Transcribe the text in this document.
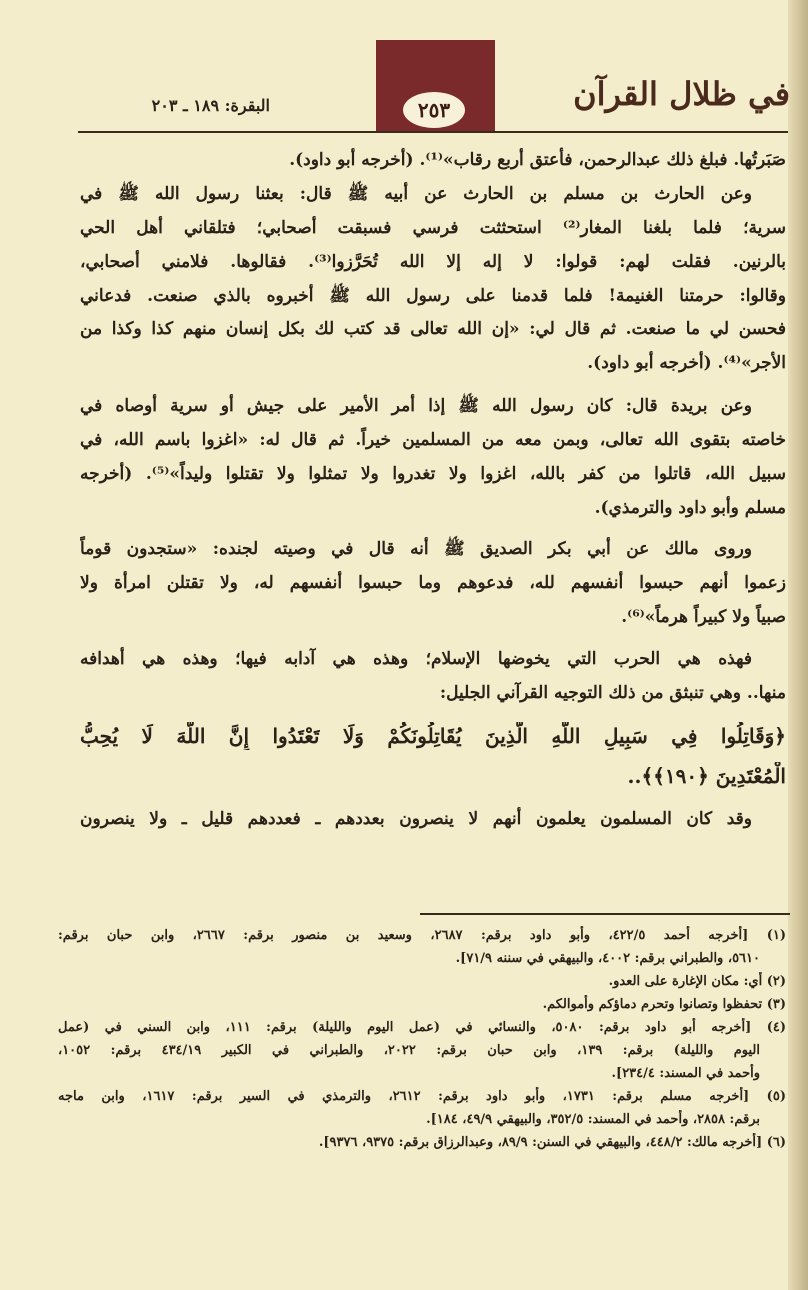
٢٥٣	في ظلال القرآن
البقرة: ١٨٩ ـ ٢٠٣
صَبَرتُها. فبلغ ذلك عبدالرحمن، فأعتق أربع رقاب»⁽¹⁾. (أخرجه أبو داود).
وعن الحارث بن مسلم بن الحارث عن أبيه ﷺ قال: بعثنا رسول الله ﷺ في
سرية؛ فلما بلغنا المغار⁽²⁾ استحثثت فرسي فسبقت أصحابي؛ فتلقاني أهل الحي
بالرنين. فقلت لهم: قولوا: لا إله إلا الله تُحَرَّزوا⁽³⁾. فقالوها. فلامني أصحابي،
وقالوا: حرمتنا الغنيمة! فلما قدمنا على رسول الله ﷺ أخبروه بالذي صنعت. فدعاني
فحسن لي ما صنعت. ثم قال لي: «إن الله تعالى قد كتب لك بكل إنسان منهم كذا وكذا من
الأجر»⁽⁴⁾. (أخرجه أبو داود).
وعن بريدة قال: كان رسول الله ﷺ إذا أمر الأمير على جيش أو سرية أوصاه في
خاصته بتقوى الله تعالى، وبمن معه من المسلمين خيراً. ثم قال له: «اغزوا باسم الله، في
سبيل الله، قاتلوا من كفر بالله، اغزوا ولا تغدروا ولا تمثلوا ولا تقتلوا وليداً»⁽⁵⁾. (أخرجه
مسلم وأبو داود والترمذي).
وروى مالك عن أبي بكر الصديق ﷺ أنه قال في وصيته لجنده: «ستجدون قوماً
زعموا أنهم حبسوا أنفسهم لله، فدعوهم وما حبسوا أنفسهم له، ولا تقتلن امرأة ولا
صبياً ولا كبيراً هرماً»⁽⁶⁾.
فهذه هي الحرب التي يخوضها الإسلام؛ وهذه هي آدابه فيها؛ وهذه هي أهدافه
منها.. وهي تنبثق من ذلك التوجيه القرآني الجليل:
﴿وَقَاتِلُوا فِي سَبِيلِ اللَّهِ الَّذِينَ يُقَاتِلُونَكُمْ وَلَا تَعْتَدُوا إِنَّ اللَّهَ لَا يُحِبُّ
الْمُعْتَدِينَ ﴿١٩٠﴾﴾..
وقد كان المسلمون يعلمون أنهم لا ينصرون بعددهم ـ فعددهم قليل ـ ولا ينصرون
(١) [أخرجه أحمد ٤٢٢/٥، وأبو داود برقم: ٢٦٨٧، وسعيد بن منصور برقم: ٢٦٦٧، وابن حبان برقم:
٥٦١٠، والطبراني برقم: ٤٠٠٢، والبيهقي في سننه ٧١/٩].
(٢) أي: مكان الإغارة على العدو.
(٣) تحفظوا وتصانوا وتحرم دماؤكم وأموالكم.
(٤) [أخرجه أبو داود برقم: ٥٠٨٠، والنسائي في (عمل اليوم والليلة) برقم: ١١١، وابن السني في (عمل
اليوم والليلة) برقم: ١٣٩، وابن حبان برقم: ٢٠٢٢، والطبراني في الكبير ٤٣٤/١٩ برقم: ١٠٥٢،
وأحمد في المسند: ٢٣٤/٤].
(٥) [أخرجه مسلم برقم: ١٧٣١، وأبو داود برقم: ٢٦١٢، والترمذي في السير برقم: ١٦١٧، وابن ماجه
برقم: ٢٨٥٨، وأحمد في المسند: ٣٥٢/٥، والبيهقي ٤٩/٩، ١٨٤].
(٦) [أخرجه مالك: ٤٤٨/٢، والبيهقي في السنن: ٨٩/٩، وعبدالرزاق برقم: ٩٣٧٥، ٩٣٧٦].
